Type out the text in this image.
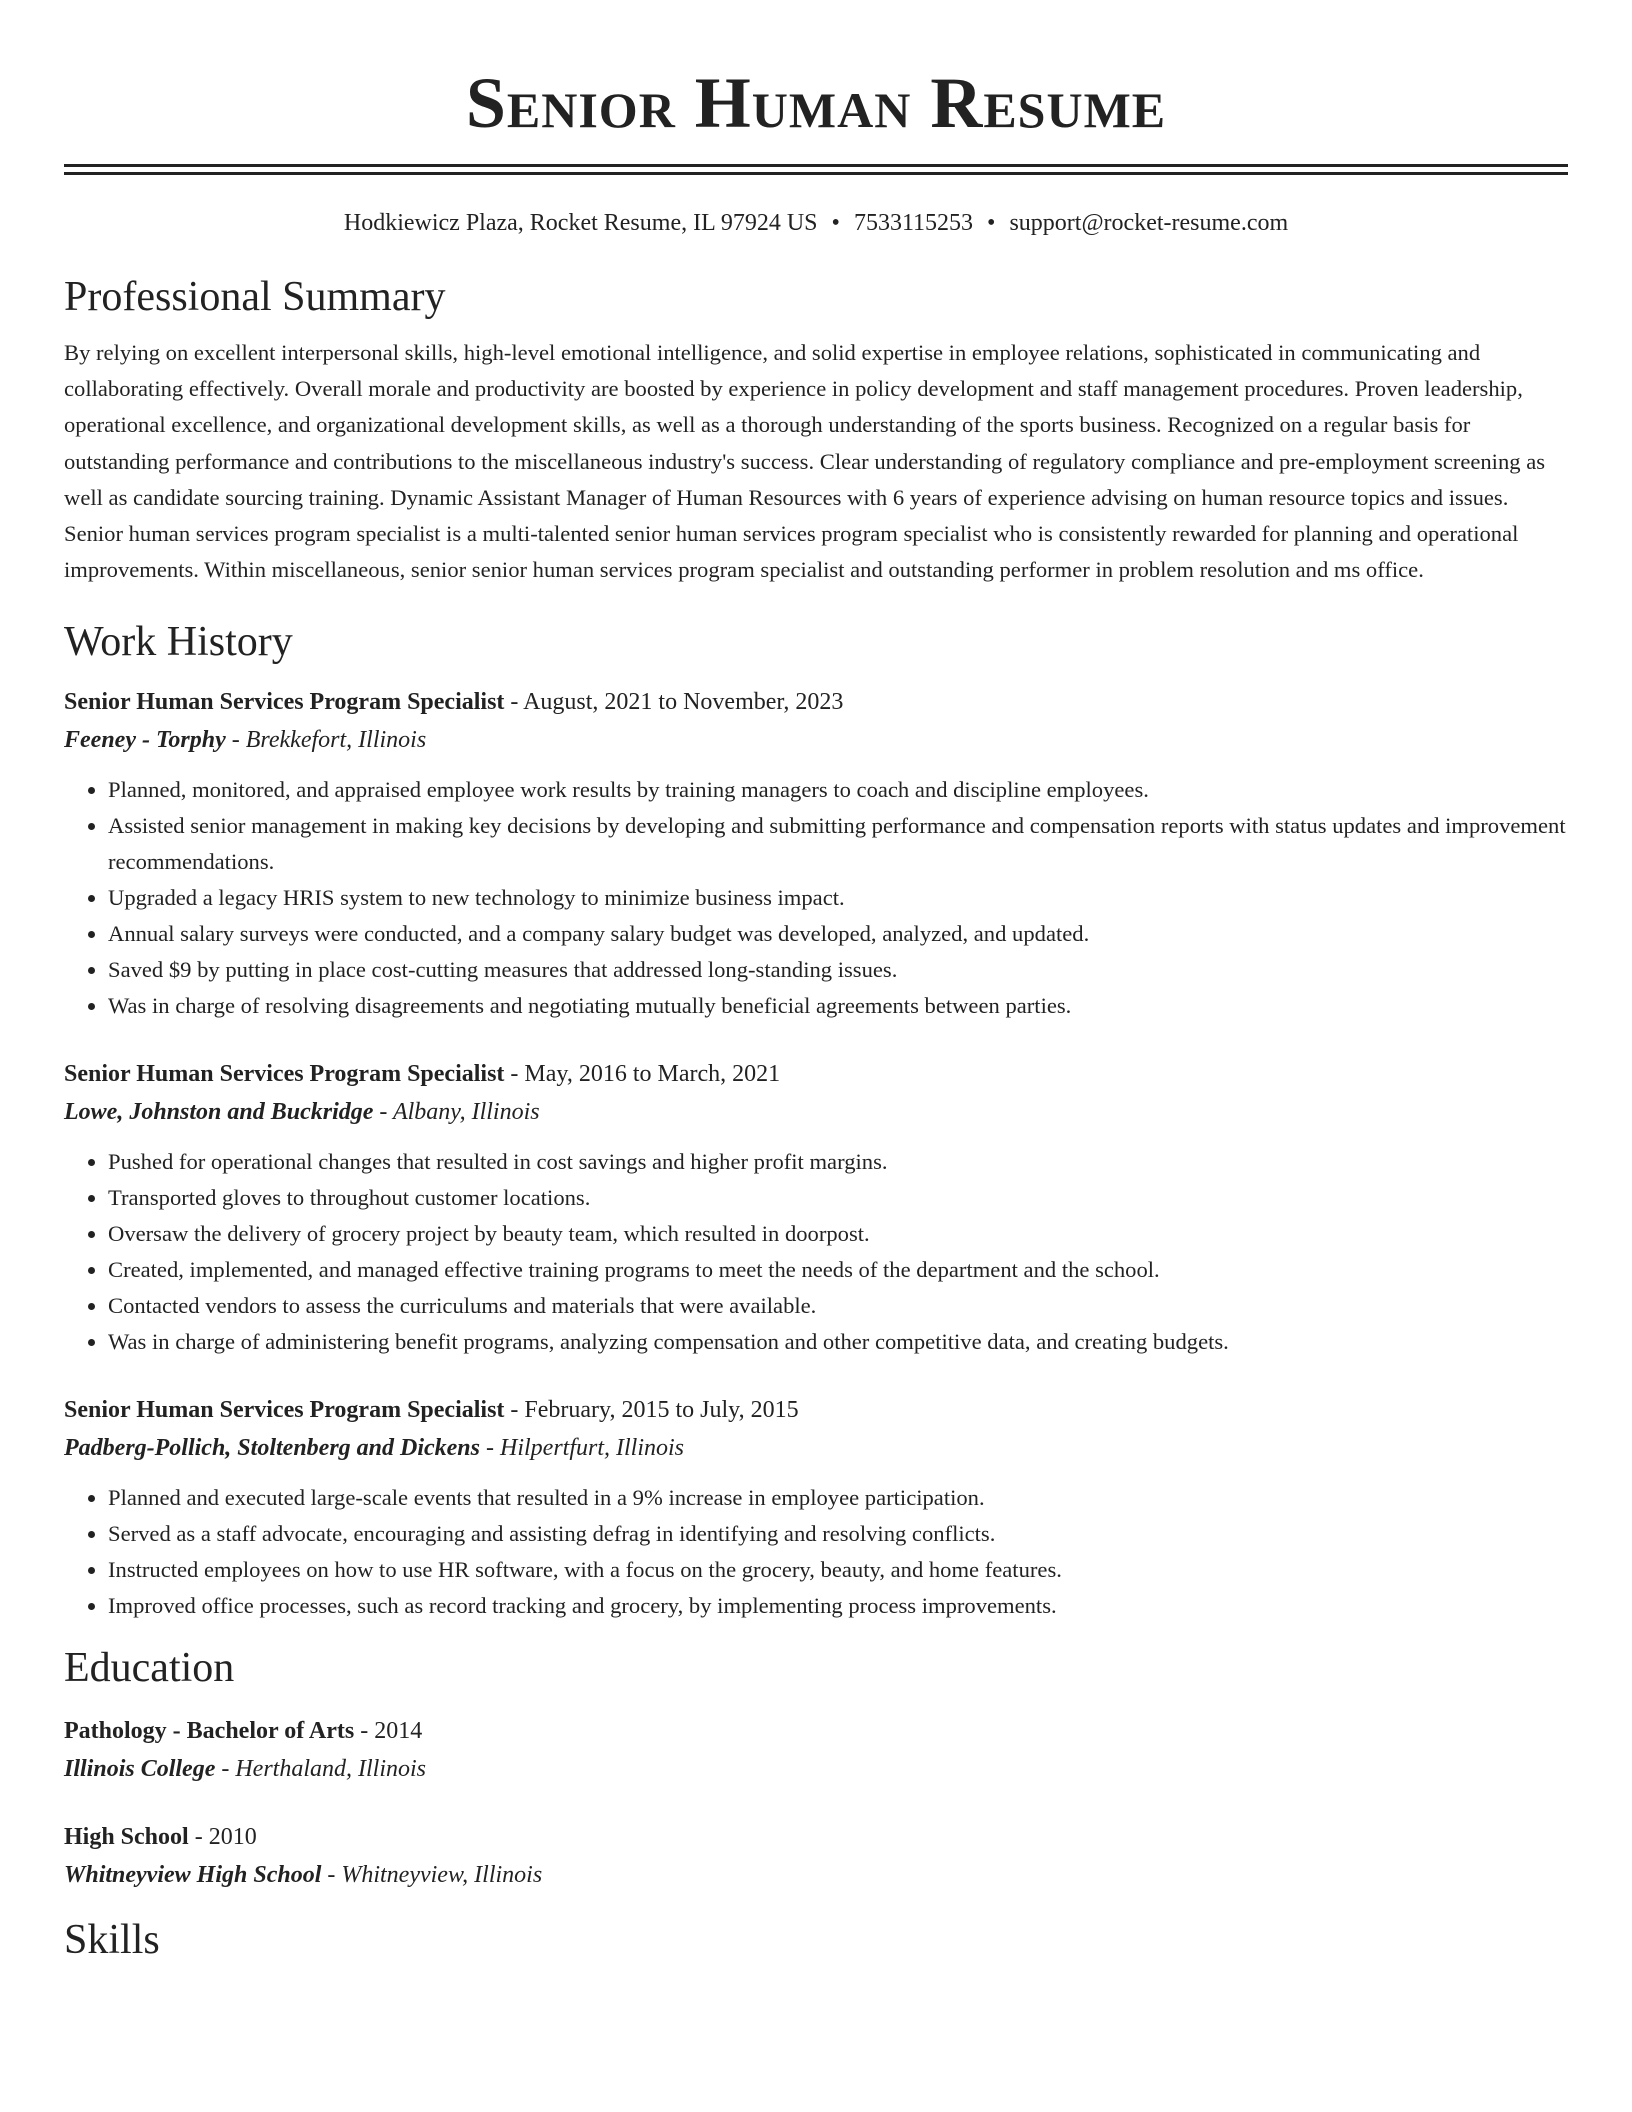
Senior Human Resume
Hodkiewicz Plaza, Rocket Resume, IL 97924 US • 7533115253 • support@rocket-resume.com
Professional Summary
By relying on excellent interpersonal skills, high-level emotional intelligence, and solid expertise in employee relations, sophisticated in communicating and collaborating effectively. Overall morale and productivity are boosted by experience in policy development and staff management procedures. Proven leadership, operational excellence, and organizational development skills, as well as a thorough understanding of the sports business. Recognized on a regular basis for outstanding performance and contributions to the miscellaneous industry's success. Clear understanding of regulatory compliance and pre-employment screening as well as candidate sourcing training. Dynamic Assistant Manager of Human Resources with 6 years of experience advising on human resource topics and issues. Senior human services program specialist is a multi-talented senior human services program specialist who is consistently rewarded for planning and operational improvements. Within miscellaneous, senior senior human services program specialist and outstanding performer in problem resolution and ms office.
Work History
Senior Human Services Program Specialist - August, 2021 to November, 2023
Feeney - Torphy - Brekkefort, Illinois
• Planned, monitored, and appraised employee work results by training managers to coach and discipline employees.
• Assisted senior management in making key decisions by developing and submitting performance and compensation reports with status updates and improvement recommendations.
• Upgraded a legacy HRIS system to new technology to minimize business impact.
• Annual salary surveys were conducted, and a company salary budget was developed, analyzed, and updated.
• Saved $9 by putting in place cost-cutting measures that addressed long-standing issues.
• Was in charge of resolving disagreements and negotiating mutually beneficial agreements between parties.
Senior Human Services Program Specialist - May, 2016 to March, 2021
Lowe, Johnston and Buckridge - Albany, Illinois
• Pushed for operational changes that resulted in cost savings and higher profit margins.
• Transported gloves to throughout customer locations.
• Oversaw the delivery of grocery project by beauty team, which resulted in doorpost.
• Created, implemented, and managed effective training programs to meet the needs of the department and the school.
• Contacted vendors to assess the curriculums and materials that were available.
• Was in charge of administering benefit programs, analyzing compensation and other competitive data, and creating budgets.
Senior Human Services Program Specialist - February, 2015 to July, 2015
Padberg-Pollich, Stoltenberg and Dickens - Hilpertfurt, Illinois
• Planned and executed large-scale events that resulted in a 9% increase in employee participation.
• Served as a staff advocate, encouraging and assisting defrag in identifying and resolving conflicts.
• Instructed employees on how to use HR software, with a focus on the grocery, beauty, and home features.
• Improved office processes, such as record tracking and grocery, by implementing process improvements.
Education
Pathology - Bachelor of Arts - 2014
Illinois College - Herthaland, Illinois
High School - 2010
Whitneyview High School - Whitneyview, Illinois
Skills
